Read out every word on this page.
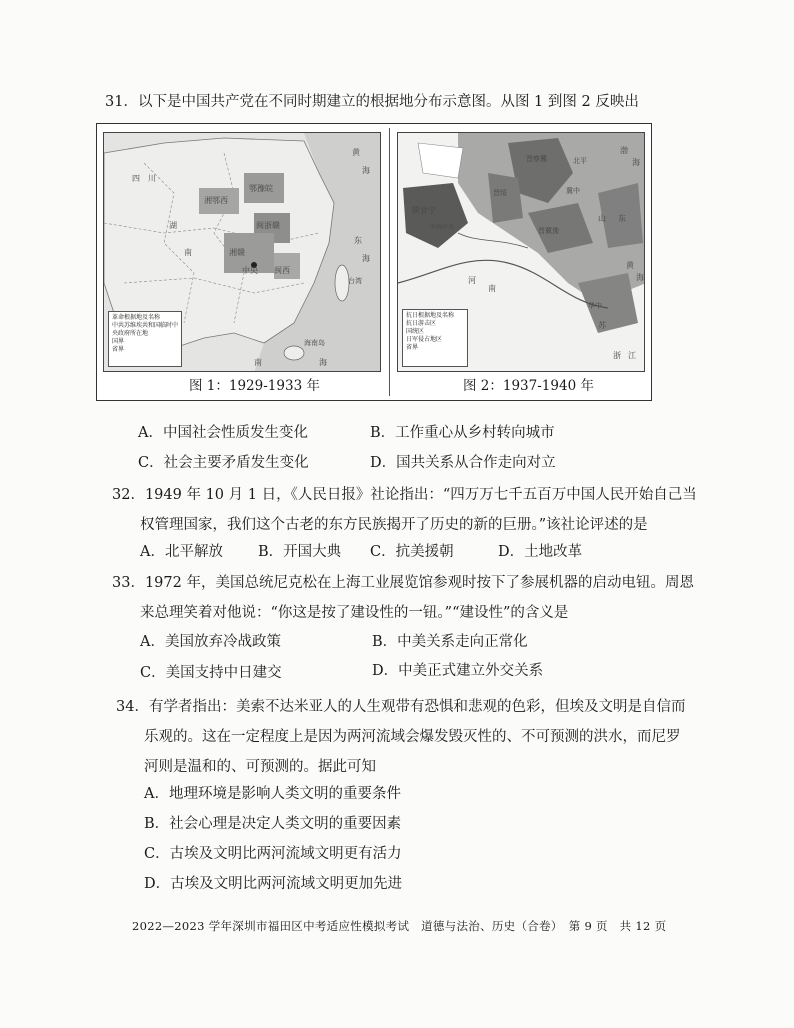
31．以下是中国共产党在不同时期建立的根据地分布示意图。从图 1 到图 2 反映出
四　川
湖
南	湘赣
闽浙赣
闽西
中央
湘鄂西
鄂豫皖
台湾
海南岛
南	海
东
海
黄
海
革命根据地及名称
中共苏维埃共和国临时中央政府所在地
国界
省界
图 1：1929-1933 年
晋察冀
晋绥
陕甘宁
晋冀豫
山 东
河
南
华中
苏
浙 江
冀中
渤
海
黄
海
北平
中共中央
抗日根据地及名称
抗日游击区
国统区
日军侵占地区
省界
图 2：1937-1940 年
A．中国社会性质发生变化	B．工作重心从乡村转向城市
C．社会主要矛盾发生变化	D．国共关系从合作走向对立
32．1949 年 10 月 1 日，《人民日报》社论指出：“四万万七千五百万中国人民开始自己当
权管理国家，我们这个古老的东方民族揭开了历史的新的巨册。”该社论评述的是
A．北平解放 B．开国大典 C．抗美援朝	D．土地改革
33．1972 年，美国总统尼克松在上海工业展览馆参观时按下了参展机器的启动电钮。周恩
来总理笑着对他说：“你这是按了建设性的一钮。”“建设性”的含义是
A．美国放弃冷战政策	B．中美关系走向正常化
C．美国支持中日建交	D．中美正式建立外交关系
34．有学者指出：美索不达米亚人的人生观带有恐惧和悲观的色彩，但埃及文明是自信而
乐观的。这在一定程度上是因为两河流域会爆发毁灭性的、不可预测的洪水，而尼罗
河则是温和的、可预测的。据此可知
A．地理环境是影响人类文明的重要条件
B．社会心理是决定人类文明的重要因素
C．古埃及文明比两河流域文明更有活力
D．古埃及文明比两河流域文明更加先进
2022—2023 学年深圳市福田区中考适应性模拟考试　道德与法治、历史（合卷）　第 9 页　共 12 页
